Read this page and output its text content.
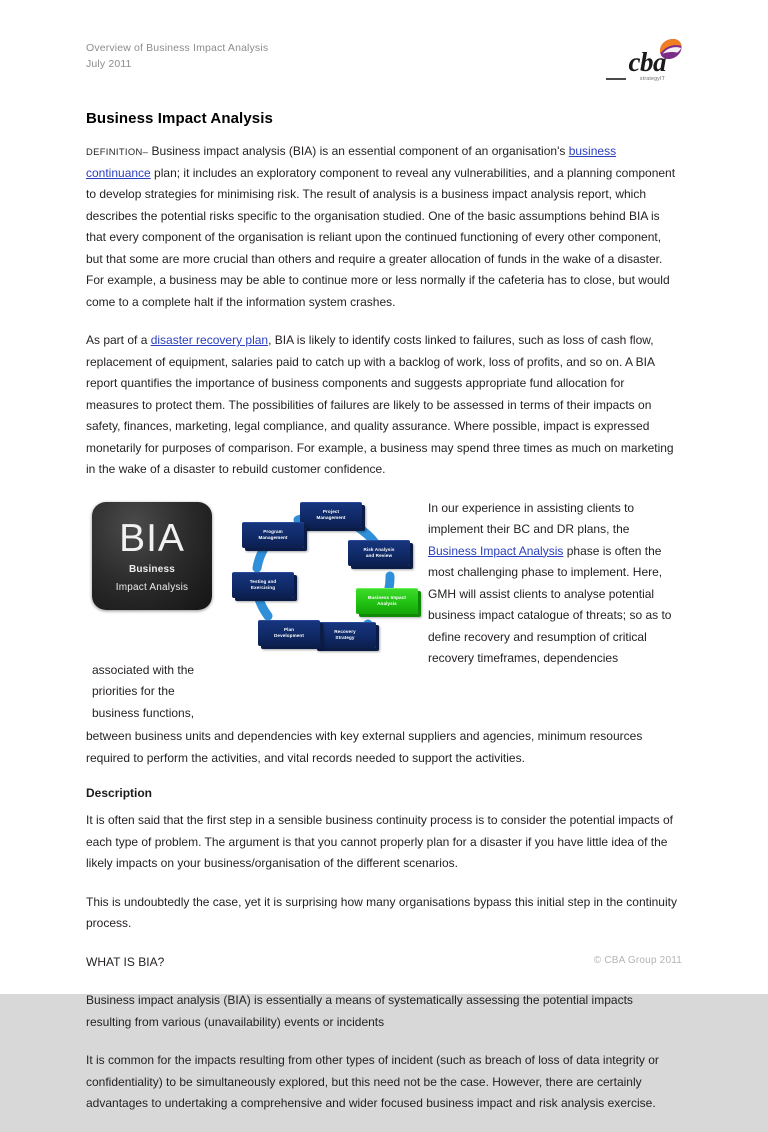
Overview of Business Impact Analysis
July 2011	cba
strategyIT
Business Impact Analysis

DEFINITION– Business impact analysis (BIA) is an essential component of an organisation's business continuance plan; it includes an exploratory component to reveal any vulnerabilities, and a planning component to develop strategies for minimising risk. The result of analysis is a business impact analysis report, which describes the potential risks specific to the organisation studied. One of the basic assumptions behind BIA is that every component of the organisation is reliant upon the continued functioning of every other component, but that some are more crucial than others and require a greater allocation of funds in the wake of a disaster. For example, a business may be able to continue more or less normally if the cafeteria has to close, but would come to a complete halt if the information system crashes.

As part of a disaster recovery plan, BIA is likely to identify costs linked to failures, such as loss of cash flow, replacement of equipment, salaries paid to catch up with a backlog of work, loss of profits, and so on. A BIA report quantifies the importance of business components and suggests appropriate fund allocation for measures to protect them. The possibilities of failures are likely to be assessed in terms of their impacts on safety, finances, marketing, legal compliance, and quality assurance. Where possible, impact is expressed monetarily for purposes of comparison. For example, a business may spend three times as much on marketing in the wake of a disaster to rebuild customer confidence.

BIA
Business
Impact Analysis
Project
Management
Risk Analysis
and Review
Business Impact
Analysis
Recovery
Strategy
Plan
Development
Testing and
Exercising
Program
Management

In our experience in assisting clients to implement their BC and DR plans, the Business Impact Analysis phase is often the most challenging phase to implement. Here, GMH will assist clients to analyse potential business impact catalogue of threats; so as to define recovery and resumption of critical recovery timeframes, dependencies

associated with the priorities for the business functions,

between business units and dependencies with key external suppliers and agencies, minimum resources required to perform the activities, and vital records needed to support the activities.

Description

It is often said that the first step in a sensible business continuity process is to consider the potential impacts of each type of problem. The argument is that you cannot properly plan for a disaster if you have little idea of the likely impacts on your business/organisation of the different scenarios.

This is undoubtedly the case, yet it is surprising how many organisations bypass this initial step in the continuity process.

WHAT IS BIA?

Business impact analysis (BIA) is essentially a means of systematically assessing the potential impacts resulting from various (unavailability) events or incidents

It is common for the impacts resulting from other types of incident (such as breach of loss of data integrity or confidentiality) to be simultaneously explored, but this need not be the case. However, there are certainly advantages to undertaking a comprehensive and wider focused business impact and risk analysis exercise.

© CBA Group 2011
